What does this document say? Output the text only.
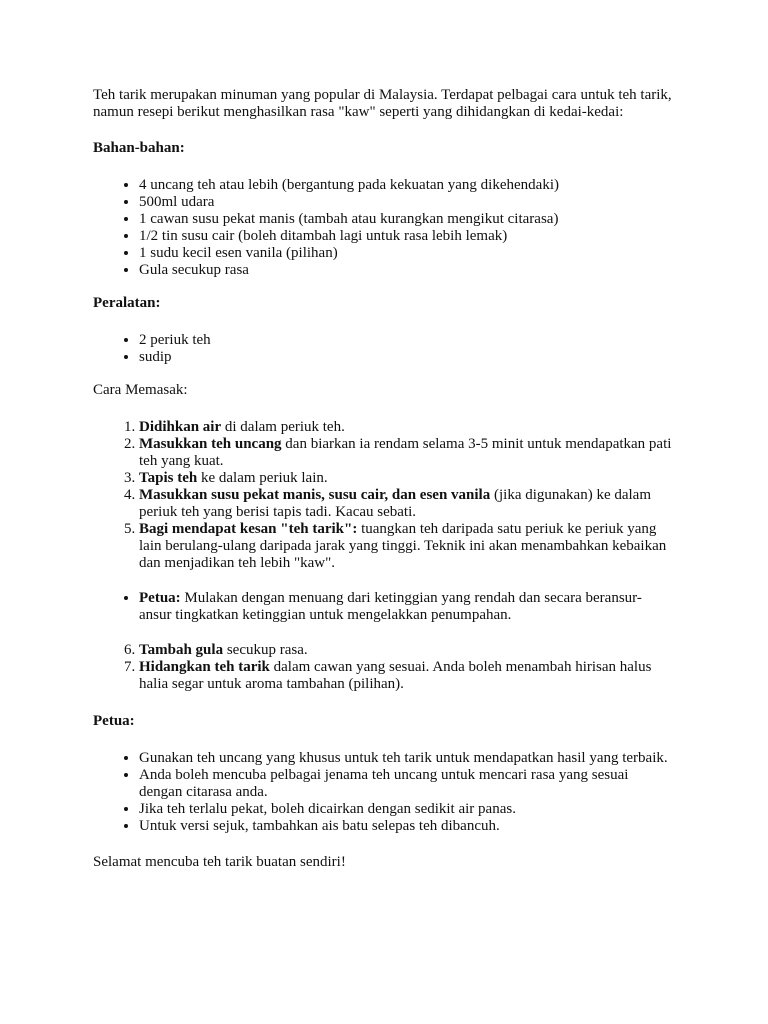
Teh tarik merupakan minuman yang popular di Malaysia. Terdapat pelbagai cara untuk teh tarik, namun resepi berikut menghasilkan rasa "kaw" seperti yang dihidangkan di kedai-kedai:

Bahan-bahan:

• 4 uncang teh atau lebih (bergantung pada kekuatan yang dikehendaki)
• 500ml udara
• 1 cawan susu pekat manis (tambah atau kurangkan mengikut citarasa)
• 1/2 tin susu cair (boleh ditambah lagi untuk rasa lebih lemak)
• 1 sudu kecil esen vanila (pilihan)
• Gula secukup rasa

Peralatan:

• 2 periuk teh
• sudip

Cara Memasak:

1. Didihkan air di dalam periuk teh.
2. Masukkan teh uncang dan biarkan ia rendam selama 3-5 minit untuk mendapatkan pati teh yang kuat.
3. Tapis teh ke dalam periuk lain.
4. Masukkan susu pekat manis, susu cair, dan esen vanila (jika digunakan) ke dalam periuk teh yang berisi tapis tadi. Kacau sebati.
5. Bagi mendapat kesan "teh tarik": tuangkan teh daripada satu periuk ke periuk yang lain berulang-ulang daripada jarak yang tinggi. Teknik ini akan menambahkan kebaikan dan menjadikan teh lebih "kaw".
• Petua: Mulakan dengan menuang dari ketinggian yang rendah dan secara beransur-ansur tingkatkan ketinggian untuk mengelakkan penumpahan.
6. Tambah gula secukup rasa.
7. Hidangkan teh tarik dalam cawan yang sesuai. Anda boleh menambah hirisan halus halia segar untuk aroma tambahan (pilihan).

Petua:

• Gunakan teh uncang yang khusus untuk teh tarik untuk mendapatkan hasil yang terbaik.
• Anda boleh mencuba pelbagai jenama teh uncang untuk mencari rasa yang sesuai dengan citarasa anda.
• Jika teh terlalu pekat, boleh dicairkan dengan sedikit air panas.
• Untuk versi sejuk, tambahkan ais batu selepas teh dibancuh.

Selamat mencuba teh tarik buatan sendiri!
